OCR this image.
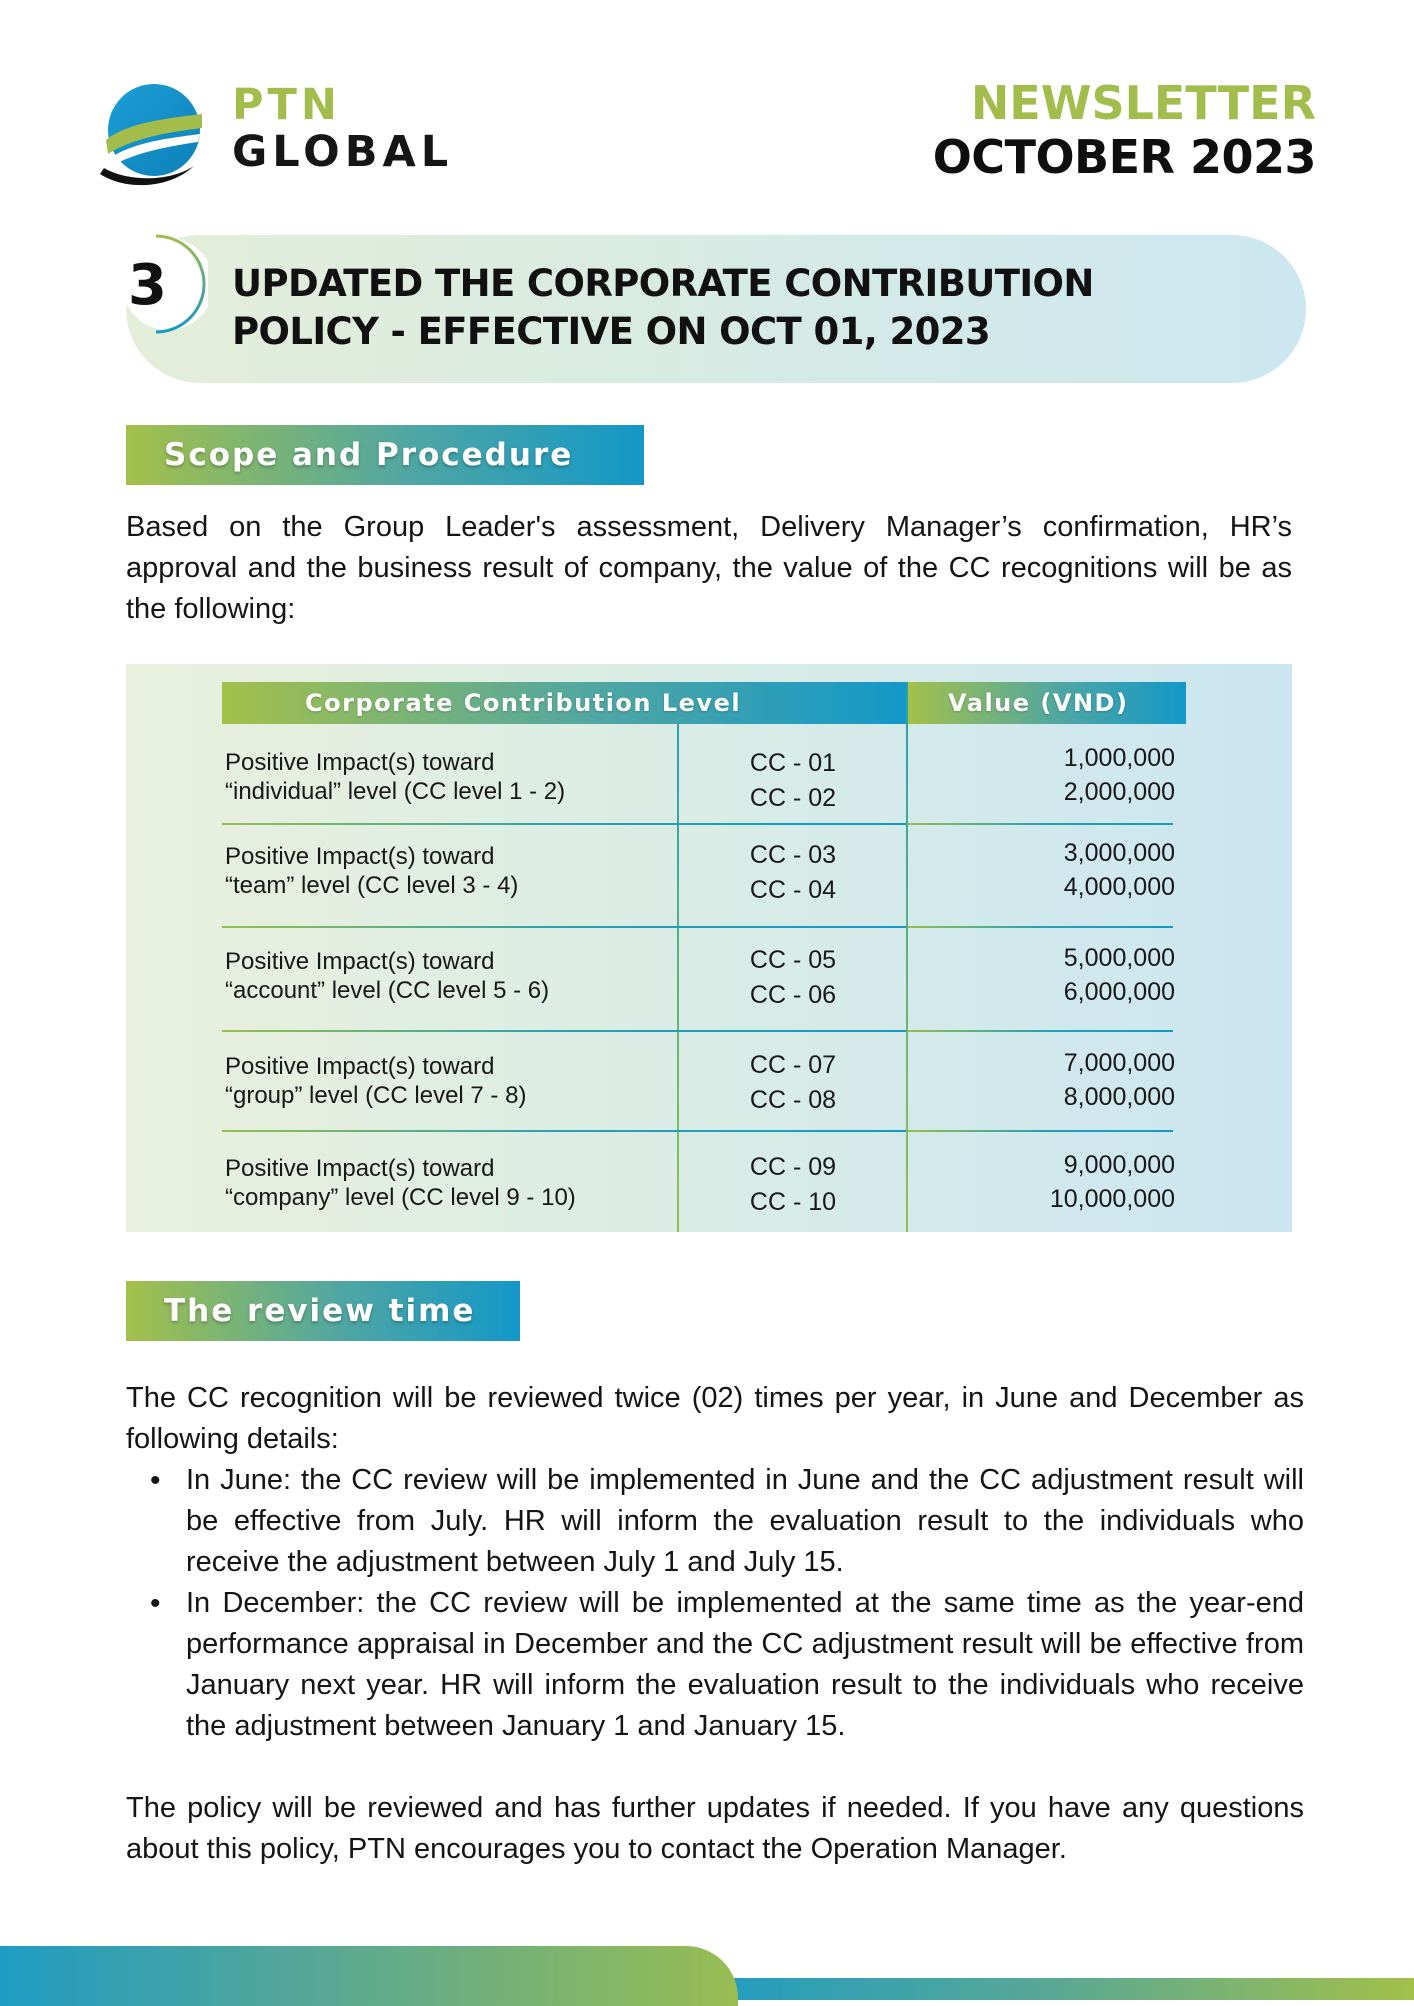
PTN
GLOBAL
NEWSLETTER
OCTOBER 2023
3 UPDATED THE CORPORATE CONTRIBUTION
POLICY - EFFECTIVE ON OCT 01, 2023
Scope and Procedure
Based on the Group Leader's assessment, Delivery Manager’s confirmation, HR’s approval and the business result of company, the value of the CC recognitions will be as the following:
Corporate Contribution Level	Value (VND)
Positive Impact(s) toward
“individual” level (CC level 1 - 2)
CC - 01
CC - 02
1,000,000
2,000,000
Positive Impact(s) toward
“team” level (CC level 3 - 4)
CC - 03
CC - 04
3,000,000
4,000,000
Positive Impact(s) toward
“account” level (CC level 5 - 6)
CC - 05
CC - 06
5,000,000
6,000,000
Positive Impact(s) toward
“group” level (CC level 7 - 8)
CC - 07
CC - 08
7,000,000
8,000,000
Positive Impact(s) toward
“company” level (CC level 9 - 10)
CC - 09
CC - 10
9,000,000
10,000,000
The review time
The CC recognition will be reviewed twice (02) times per year, in June and December as following details:
• In June: the CC review will be implemented in June and the CC adjustment result will be effective from July. HR will inform the evaluation result to the individuals who receive the adjustment between July 1 and July 15.
• In December: the CC review will be implemented at the same time as the year-end performance appraisal in December and the CC adjustment result will be effective from January next year. HR will inform the evaluation result to the individuals who receive the adjustment between January 1 and January 15.
The policy will be reviewed and has further updates if needed. If you have any questions about this policy, PTN encourages you to contact the Operation Manager.
